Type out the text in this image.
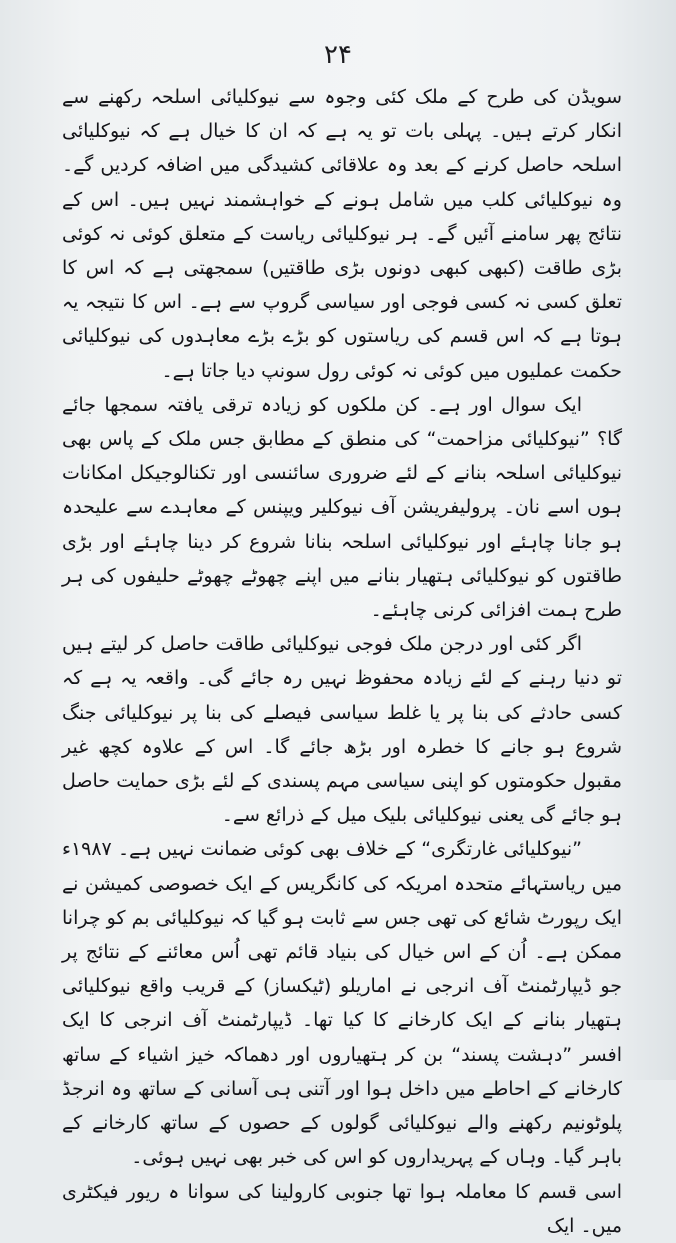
۲۴

سویڈن کی طرح کے ملک کئی وجوہ سے نیوکلیائی اسلحہ رکھنے سے انکار کرتے ہیں۔ پہلی بات تو یہ ہے کہ ان کا خیال ہے کہ نیوکلیائی اسلحہ حاصل کرنے کے بعد وہ علاقائی کشیدگی میں اضافہ کردیں گے۔ وہ نیوکلیائی کلب میں شامل ہونے کے خواہشمند نہیں ہیں۔ اس کے نتائج پھر سامنے آئیں گے۔ ہر نیوکلیائی ریاست کے متعلق کوئی نہ کوئی بڑی طاقت (کبھی کبھی دونوں بڑی طاقتیں) سمجھتی ہے کہ اس کا تعلق کسی نہ کسی فوجی اور سیاسی گروپ سے ہے۔ اس کا نتیجہ یہ ہوتا ہے کہ اس قسم کی ریاستوں کو بڑے بڑے معاہدوں کی نیوکلیائی حکمت عملیوں میں کوئی نہ کوئی رول سونپ دیا جاتا ہے۔

ایک سوال اور ہے۔ کن ملکوں کو زیادہ ترقی یافتہ سمجھا جائے گا؟ ”نیوکلیائی مزاحمت“ کی منطق کے مطابق جس ملک کے پاس بھی نیوکلیائی اسلحہ بنانے کے لئے ضروری سائنسی اور تکنالوجیکل امکانات ہوں اسے نان۔ پرولیفریشن آف نیوکلیر ویپنس کے معاہدے سے علیحدہ ہو جانا چاہئے اور نیوکلیائی اسلحہ بنانا شروع کر دینا چاہئے اور بڑی طاقتوں کو نیوکلیائی ہتھیار بنانے میں اپنے چھوٹے چھوٹے حلیفوں کی ہر طرح ہمت افزائی کرنی چاہئے۔

اگر کئی اور درجن ملک فوجی نیوکلیائی طاقت حاصل کر لیتے ہیں تو دنیا رہنے کے لئے زیادہ محفوظ نہیں رہ جائے گی۔ واقعہ یہ ہے کہ کسی حادثے کی بنا پر یا غلط سیاسی فیصلے کی بنا پر نیوکلیائی جنگ شروع ہو جانے کا خطرہ اور بڑھ جائے گا۔ اس کے علاوہ کچھ غیر مقبول حکومتوں کو اپنی سیاسی مہم پسندی کے لئے بڑی حمایت حاصل ہو جائے گی یعنی نیوکلیائی بلیک میل کے ذرائع سے۔

”نیوکلیائی غارتگری“ کے خلاف بھی کوئی ضمانت نہیں ہے۔ ۱۹۸۷ء میں ریاستہائے متحدہ امریکہ کی کانگریس کے ایک خصوصی کمیشن نے ایک رپورٹ شائع کی تھی جس سے ثابت ہو گیا کہ نیوکلیائی بم کو چرانا ممکن ہے۔ اُن کے اس خیال کی بنیاد قائم تھی اُس معائنے کے نتائج پر جو ڈیپارٹمنٹ آف انرجی نے اماریلو (ٹیکساز) کے قریب واقع نیوکلیائی ہتھیار بنانے کے ایک کارخانے کا کیا تھا۔ ڈیپارٹمنٹ آف انرجی کا ایک افسر ”دہشت پسند“ بن کر ہتھیاروں اور دھماکہ خیز اشیاء کے ساتھ کارخانے کے احاطے میں داخل ہوا اور آتنی ہی آسانی کے ساتھ وہ انرجڈ پلوٹونیم رکھنے والے نیوکلیائی گولوں کے حصوں کے ساتھ کارخانے کے باہر گیا۔ وہاں کے پہریداروں کو اس کی خبر بھی نہیں ہوئی۔

اسی قسم کا معاملہ ہوا تھا جنوبی کارولینا کی سوانا ہ ریور فیکٹری میں۔ ایک
